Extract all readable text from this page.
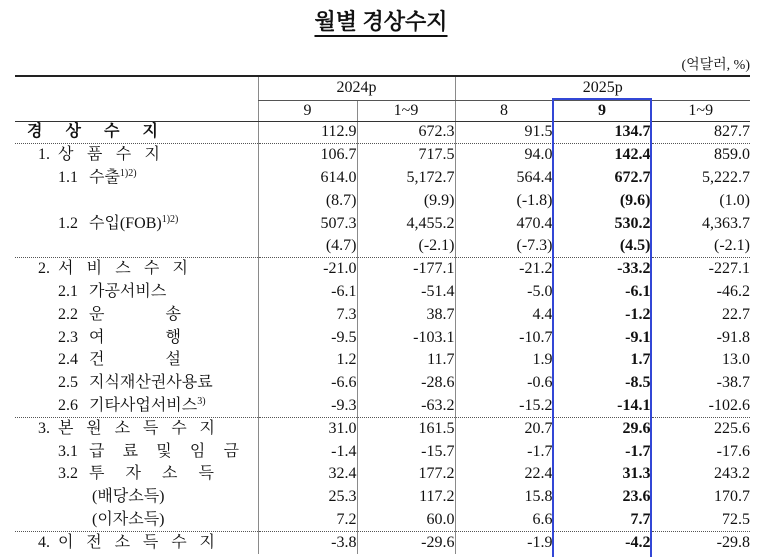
월별 경상수지
(억달러, %)
	2024p		2025p		
	9	1~9	8	9	1~9
경 상 수 지	112.9	672.3	91.5	134.7	827.7
1. 상 품 수 지	106.7	717.5	94.0	142.4	859.0
1.1 수출$^{1)2)}$	614.0	5,172.7	564.4	672.7	5,222.7
	(8.7)	(9.9)	(-1.8)	(9.6)	(1.0)
1.2 수입(FOB)$^{1)2)}$	507.3	4,455.2	470.4	530.2	4,363.7
	(4.7)	(-2.1)	(-7.3)	(4.5)	(-2.1)
2. 서 비 스 수 지	-21.0	-177.1	-21.2	-33.2	-227.1
2.1 가공서비스	-6.1	-51.4	-5.0	-6.1	-46.2
2.2 운 송	7.3	38.7	4.4	-1.2	22.7
2.3 여 행	-9.5	-103.1	-10.7	-9.1	-91.8
2.4 건 설	1.2	11.7	1.9	1.7	13.0
2.5 지식재산권사용료	-6.6	-28.6	-0.6	-8.5	-38.7
2.6 기타사업서비스$^{3)}$	-9.3	-63.2	-15.2	-14.1	-102.6
3. 본 원 소 득 수 지	31.0	161.5	20.7	29.6	225.6
3.1 급 료 및 임 금	-1.4	-15.7	-1.7	-1.7	-17.6
3.2 투 자 소 득	32.4	177.2	22.4	31.3	243.2
(배당소득)	25.3	117.2	15.8	23.6	170.7
(이자소득)	7.2	60.0	6.6	7.7	72.5
4. 이 전 소 득 수 지	-3.8	-29.6	-1.9	-4.2	-29.8
